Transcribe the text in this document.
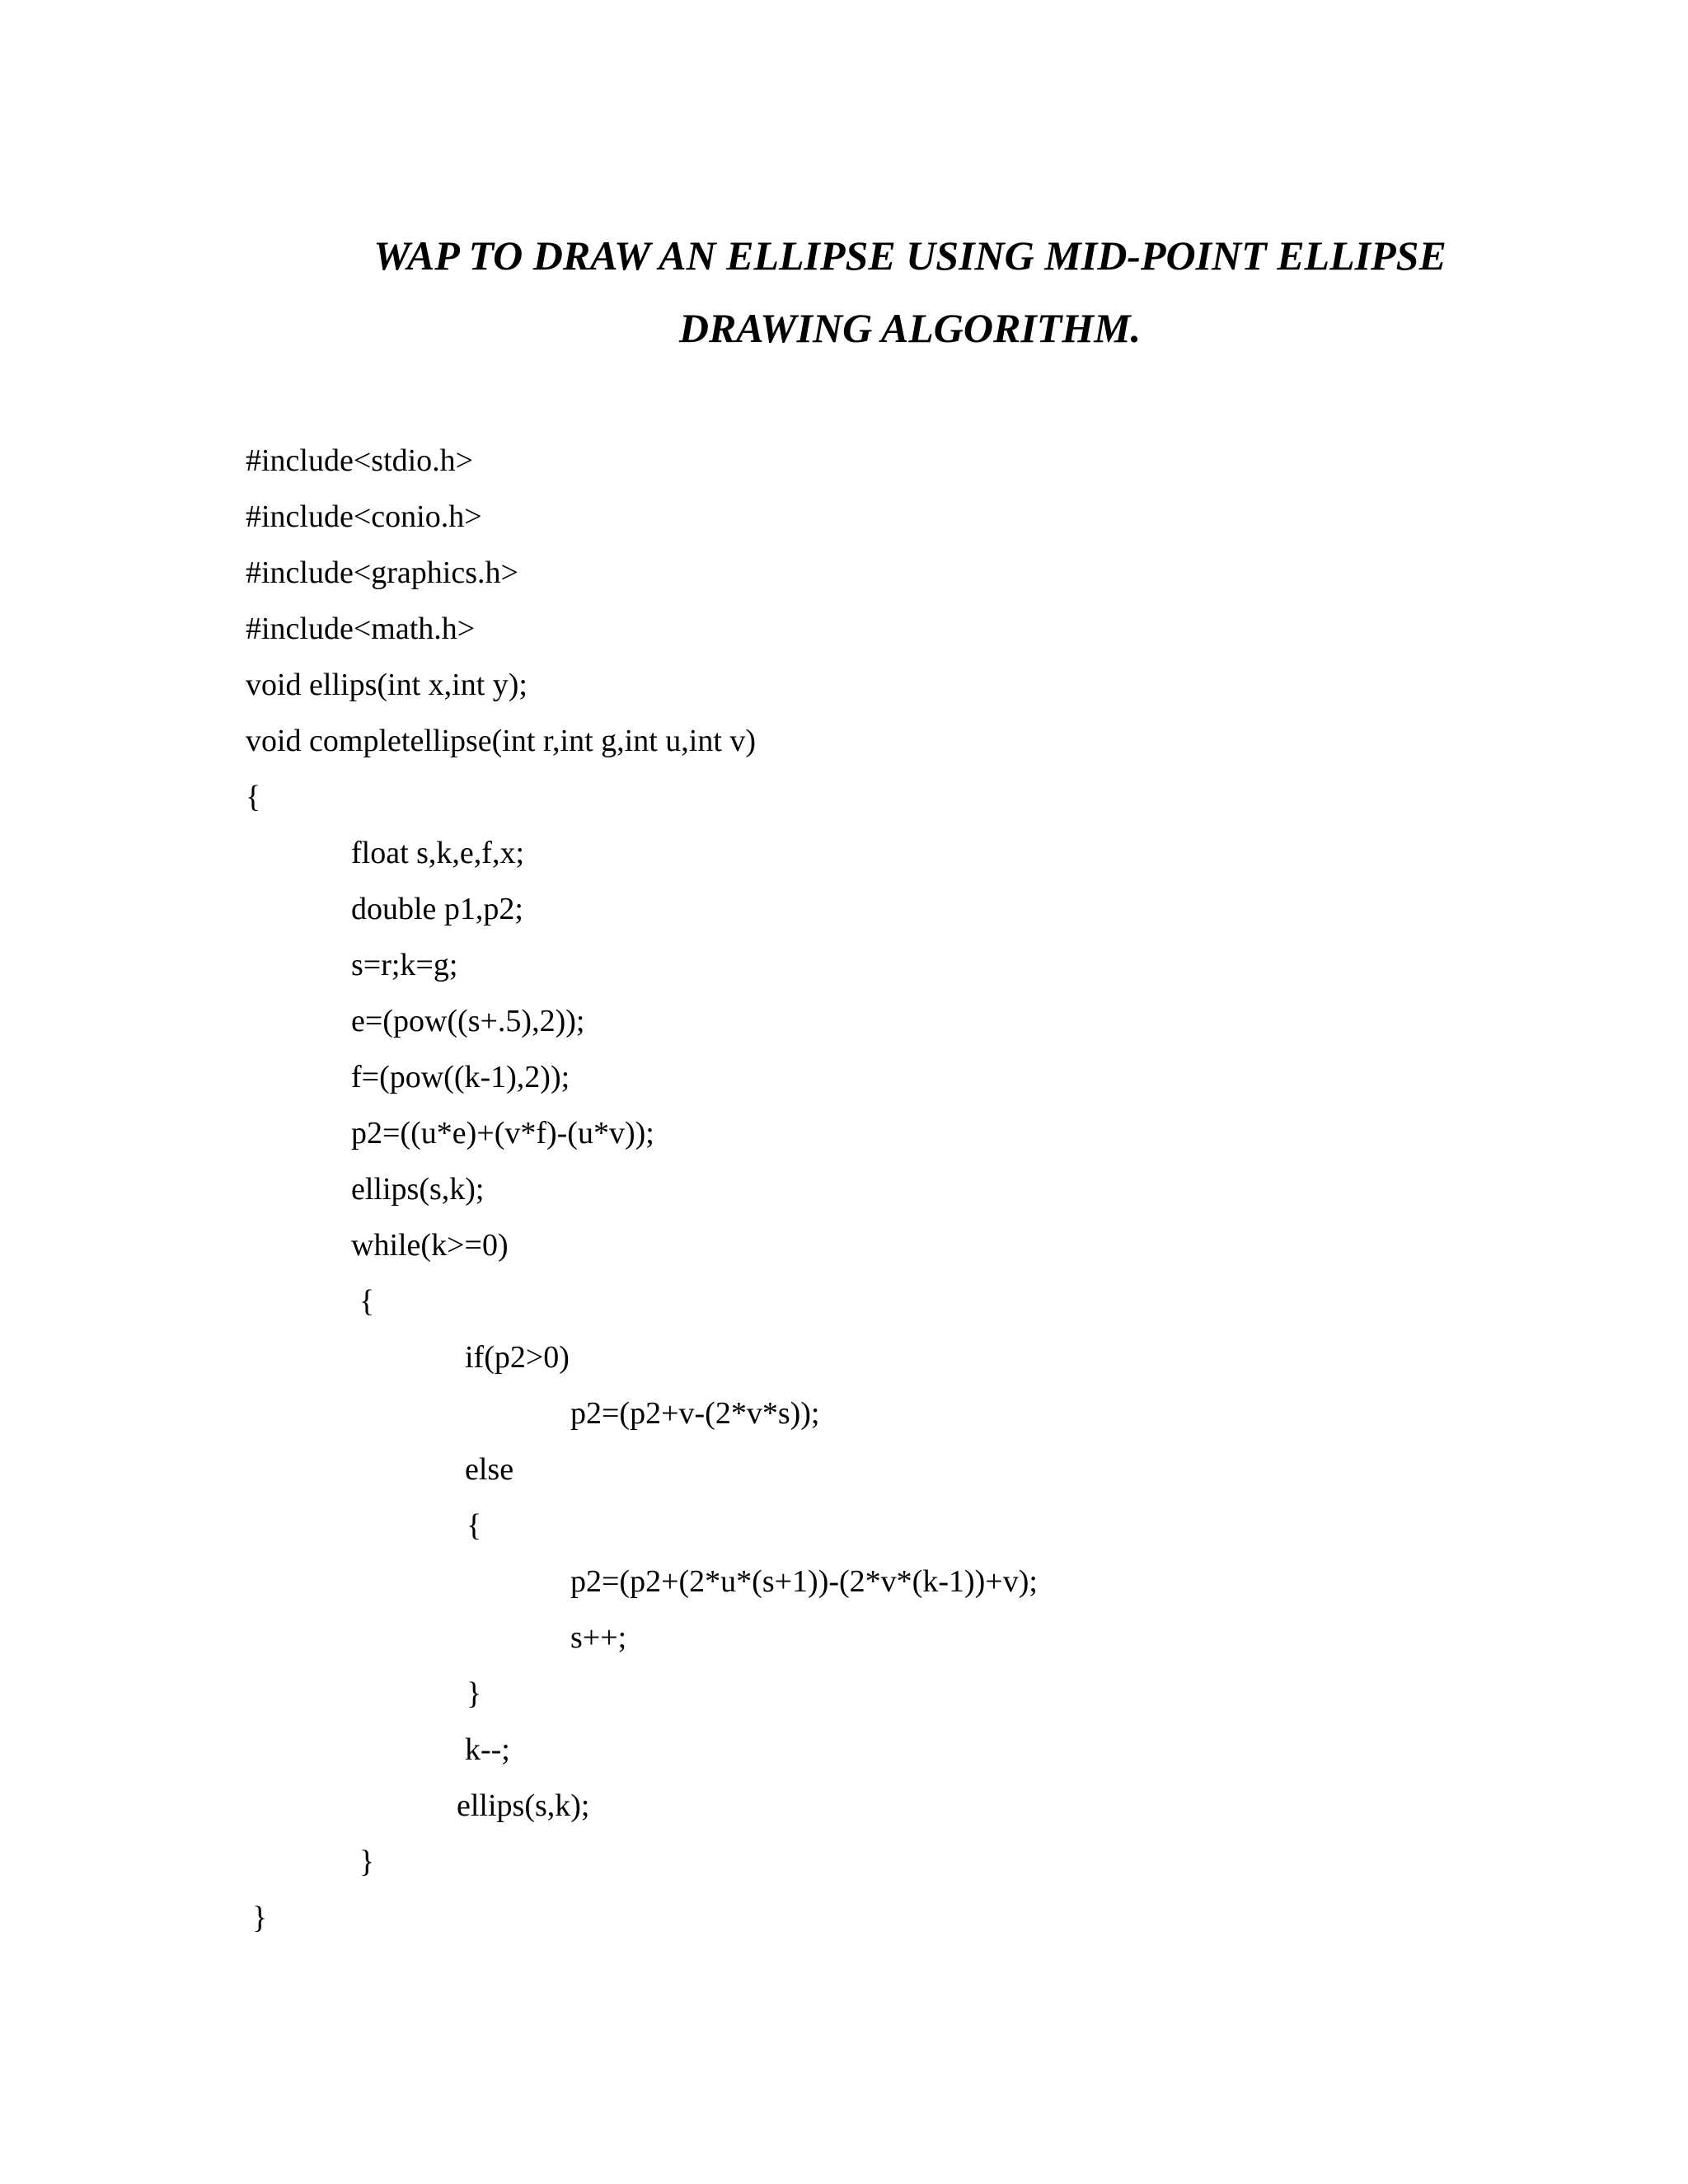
WAP TO DRAW AN ELLIPSE USING MID-POINT ELLIPSE
DRAWING ALGORITHM.
#include<stdio.h>
#include<conio.h>
#include<graphics.h>
#include<math.h>
void ellips(int x,int y);
void completellipse(int r,int g,int u,int v)
{
float s,k,e,f,x;
double p1,p2;
s=r;k=g;
e=(pow((s+.5),2));
f=(pow((k-1),2));
p2=((u*e)+(v*f)-(u*v));
ellips(s,k);
while(k>=0)
{
if(p2>0)
p2=(p2+v-(2*v*s));
else
{
p2=(p2+(2*u*(s+1))-(2*v*(k-1))+v);
s++;
}
k--;
ellips(s,k);
}
}
